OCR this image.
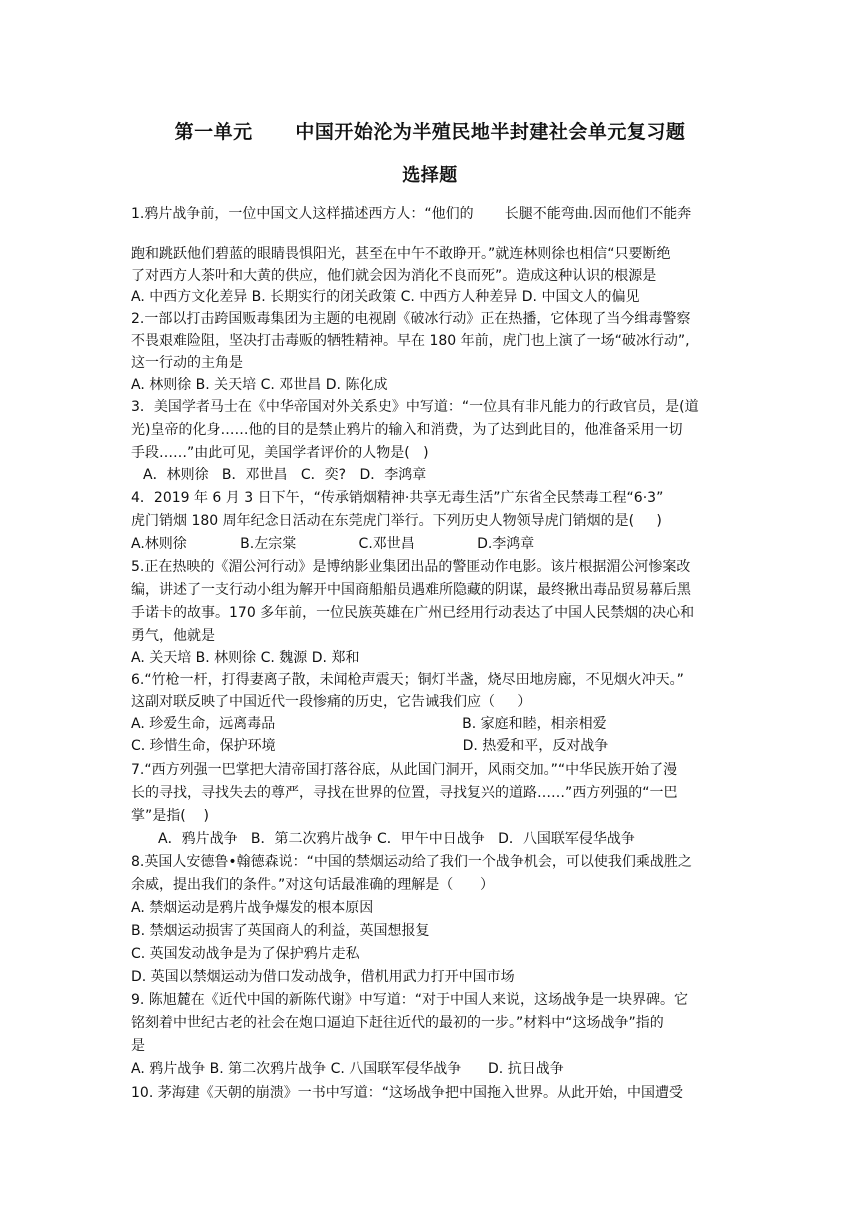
第一单元      中国开始沦为半殖民地半封建社会单元复习题
选择题
1.鸦片战争前，一位中国文人这样描述西方人：“他们的       长腿不能弯曲.因而他们不能奔
跑和跳跃他们碧蓝的眼睛畏惧阳光，甚至在中午不敢睁开。”就连林则徐也相信“只要断绝
了对西方人茶叶和大黄的供应，他们就会因为消化不良而死”。造成这种认识的根源是
A. 中西方文化差异 B. 长期实行的闭关政策 C. 中西方人种差异 D. 中国文人的偏见
2.一部以打击跨国贩毒集团为主题的电视剧《破冰行动》正在热播，它体现了当今缉毒警察
不畏艰难险阻，坚决打击毒贩的牺牲精神。早在 180 年前，虎门也上演了一场“破冰行动”,
这一行动的主角是
A. 林则徐 B. 关天培 C. 邓世昌 D. 陈化成
3．美国学者马士在《中华帝国对外关系史》中写道：“一位具有非凡能力的行政官员，是(道
光)皇帝的化身……他的目的是禁止鸦片的输入和消费，为了达到此目的，他准备采用一切
手段……”由此可见，美国学者评价的人物是(   )
A．林则徐   B．邓世昌   C．奕?   D．李鸿章
4．2019 年 6 月 3 日下午，“传承销烟精神·共享无毒生活”广东省全民禁毒工程“6·3”
虎门销烟 180 周年纪念日活动在东莞虎门举行。下列历史人物领导虎门销烟的是(     )
A.林则徐            B.左宗棠              C.邓世昌              D.李鸿章
5.正在热映的《湄公河行动》是博纳影业集团出品的警匪动作电影。该片根据湄公河惨案改
编，讲述了一支行动小组为解开中国商船船员遇难所隐藏的阴谋，最终揪出毒品贸易幕后黑
手诺卡的故事。170 多年前，一位民族英雄在广州已经用行动表达了中国人民禁烟的决心和
勇气，他就是
A. 关天培 B. 林则徐 C. 魏源 D. 郑和
6.“竹枪一杆，打得妻离子散，未闻枪声震天；铜灯半盏，烧尽田地房廊，不见烟火冲天。”
这副对联反映了中国近代一段惨痛的历史，它告诫我们应（     ）
A. 珍爱生命，远离毒品                                          B. 家庭和睦，相亲相爱
C. 珍惜生命，保护环境                                          D. 热爱和平，反对战争
7.“西方列强一巴掌把大清帝国打落谷底，从此国门洞开，风雨交加。”“中华民族开始了漫
长的寻找，寻找失去的尊严，寻找在世界的位置，寻找复兴的道路……”西方列强的“一巴
掌”是指(    )
A．鸦片战争   B．第二次鸦片战争 C．甲午中日战争   D．八国联军侵华战争
8.英国人安德鲁•翰德森说：“中国的禁烟运动给了我们一个战争机会，可以使我们乘战胜之
余威，提出我们的条件。”对这句话最准确的理解是（      ）
A. 禁烟运动是鸦片战争爆发的根本原因
B. 禁烟运动损害了英国商人的利益，英国想报复
C. 英国发动战争是为了保护鸦片走私
D. 英国以禁烟运动为借口发动战争，借机用武力打开中国市场
9. 陈旭麓在《近代中国的新陈代谢》中写道：“对于中国人来说，这场战争是一块界碑。它
铭刻着中世纪古老的社会在炮口逼迫下赶往近代的最初的一步。”材料中“这场战争”指的
是
A. 鸦片战争 B. 第二次鸦片战争 C. 八国联军侵华战争      D. 抗日战争
10. 茅海建《天朝的崩溃》一书中写道：“这场战争把中国拖入世界。从此开始，中国遭受
